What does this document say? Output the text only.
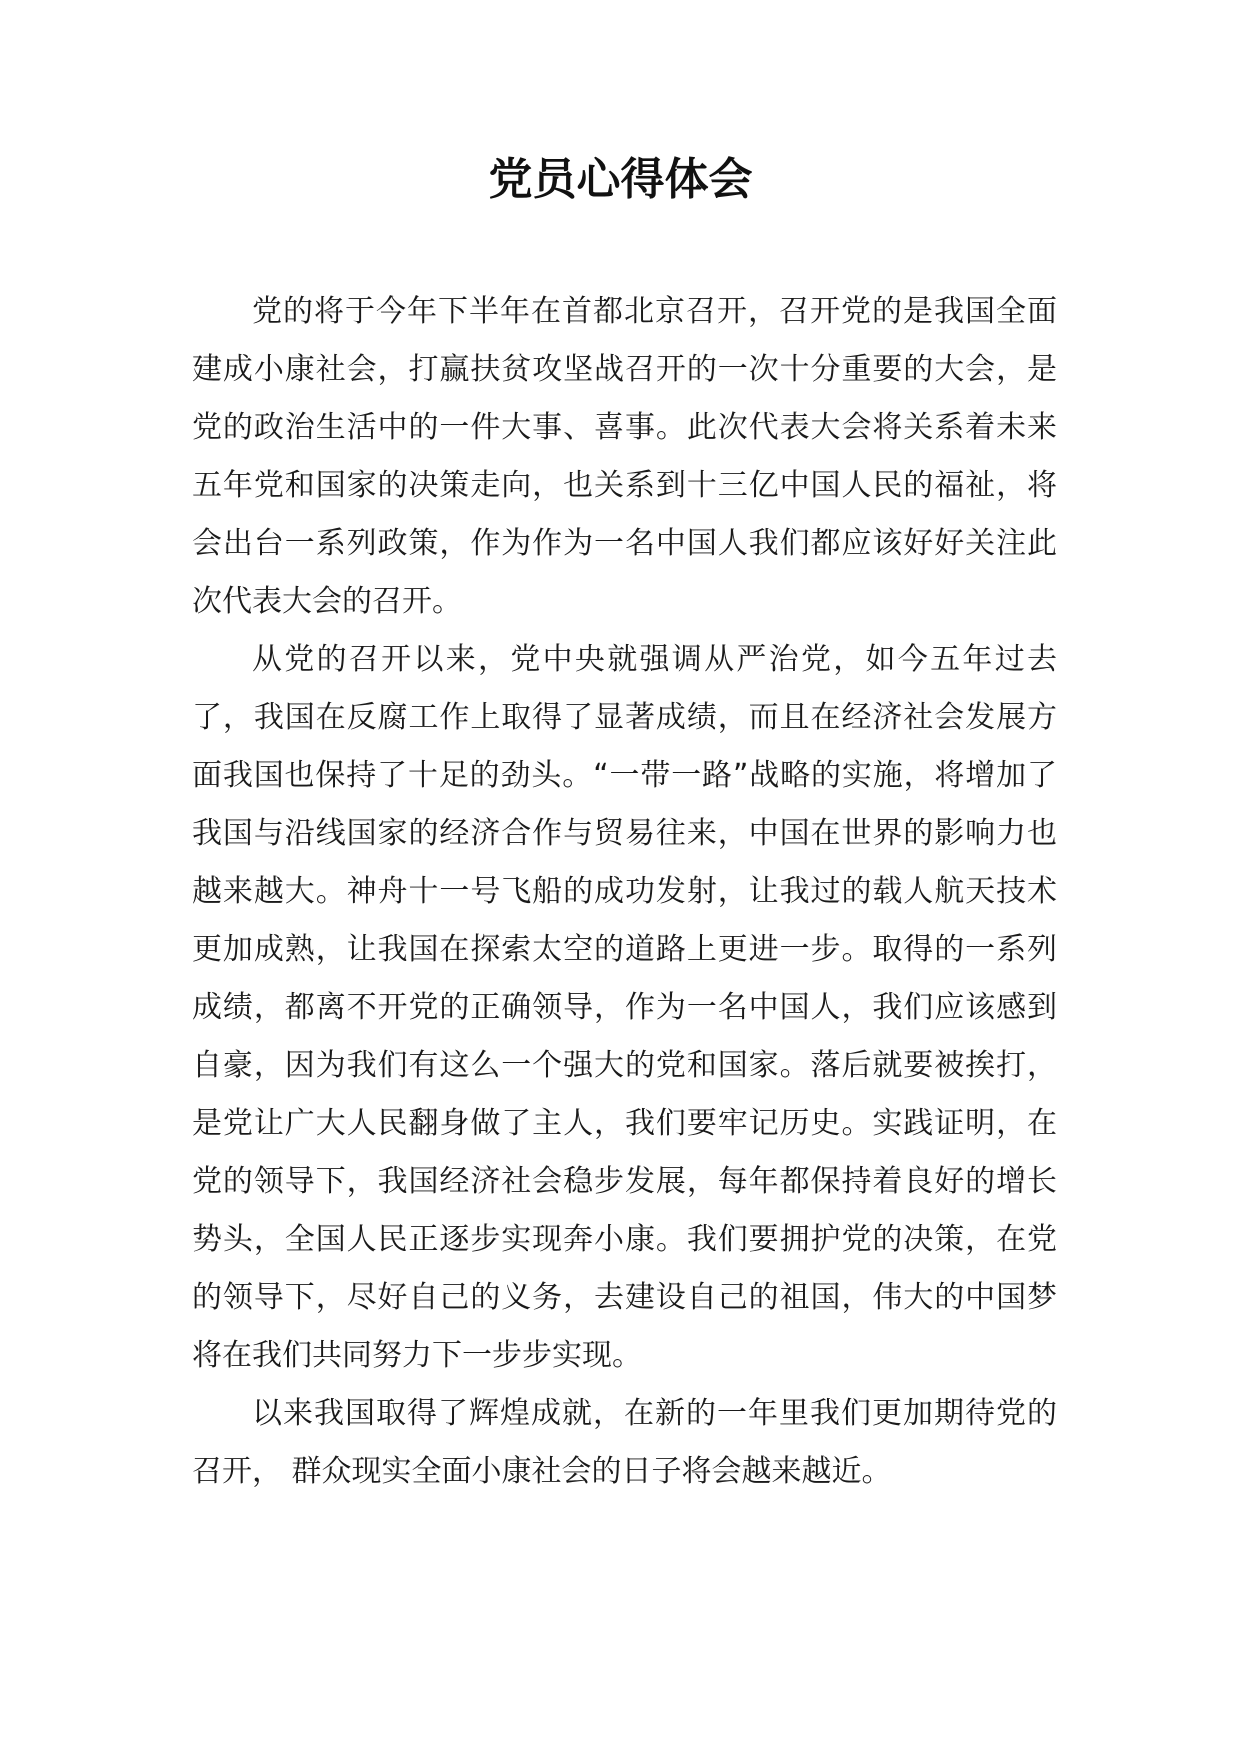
党员心得体会

党的将于今年下半年在首都北京召开，召开党的是我国全面建成小康社会，打赢扶贫攻坚战召开的一次十分重要的大会，是党的政治生活中的一件大事、喜事。此次代表大会将关系着未来五年党和国家的决策走向，也关系到十三亿中国人民的福祉，将会出台一系列政策，作为作为一名中国人我们都应该好好关注此次代表大会的召开。

从党的召开以来，党中央就强调从严治党，如今五年过去了，我国在反腐工作上取得了显著成绩，而且在经济社会发展方面我国也保持了十足的劲头。“一带一路”战略的实施，将增加了我国与沿线国家的经济合作与贸易往来，中国在世界的影响力也越来越大。神舟十一号飞船的成功发射，让我过的载人航天技术更加成熟，让我国在探索太空的道路上更进一步。取得的一系列成绩，都离不开党的正确领导，作为一名中国人，我们应该感到自豪，因为我们有这么一个强大的党和国家。落后就要被挨打，是党让广大人民翻身做了主人，我们要牢记历史。实践证明，在党的领导下，我国经济社会稳步发展，每年都保持着良好的增长势头，全国人民正逐步实现奔小康。我们要拥护党的决策，在党的领导下，尽好自己的义务，去建设自己的祖国，伟大的中国梦将在我们共同努力下一步步实现。

以来我国取得了辉煌成就，在新的一年里我们更加期待党的召开， 群众现实全面小康社会的日子将会越来越近。
